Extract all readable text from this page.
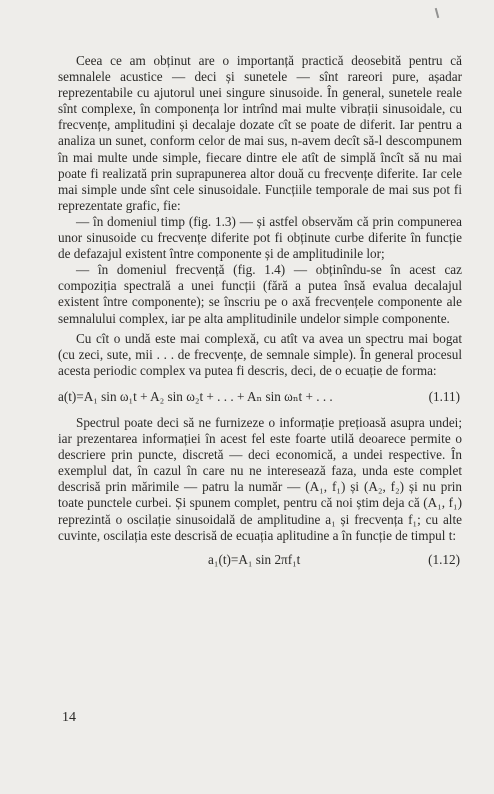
Ceea ce am obținut are o importanță practică deosebită pentru că semnalele acustice — deci și sunetele — sînt rareori pure, așadar reprezentabile cu ajutorul unei singure sinusoide. În general, sunetele reale sînt complexe, în componența lor intrînd mai multe vibrații sinusoidale, cu frecvențe, amplitudini și decalaje dozate cît se poate de diferit. Iar pentru a analiza un sunet, conform celor de mai sus, n-avem decît să-l descompunem în mai multe unde simple, fiecare dintre ele atît de simplă încît să nu mai poate fi realizată prin suprapunerea altor două cu frecvențe diferite. Iar cele mai simple unde sînt cele sinusoidale. Funcțiile temporale de mai sus pot fi reprezentate grafic, fie:

— în domeniul timp (fig. 1.3) — și astfel observăm că prin compunerea unor sinusoide cu frecvențe diferite pot fi obținute curbe diferite în funcție de defazajul existent între componente și de amplitudinile lor;

— în domeniul frecvență (fig. 1.4) — obținîndu-se în acest caz compoziția spectrală a unei funcții (fără a putea însă evalua decalajul existent între componente); se înscriu pe o axă frecvențele componente ale semnalului complex, iar pe alta amplitudinile undelor simple componente.

Cu cît o undă este mai complexă, cu atît va avea un spectru mai bogat (cu zeci, sute, mii . . . de frecvențe, de semnale simple). În general procesul acesta periodic complex va putea fi descris, deci, de o ecuație de forma:

a(t)=A₁ sin ω₁t + A₂ sin ω₂t + . . . + Aₙ sin ωₙt + . . .	(1.11)

Spectrul poate deci să ne furnizeze o informație prețioasă asupra undei; iar prezentarea informației în acest fel este foarte utilă deoarece permite o descriere prin puncte, discretă — deci economică, a undei respective. În exemplul dat, în cazul în care nu ne interesează faza, unda este complet descrisă prin mărimile — patru la număr — (A₁, f₁) și (A₂, f₂) și nu prin toate punctele curbei. Și spunem complet, pentru că noi știm deja că (A₁, f₁) reprezintă o oscilație sinusoidală de amplitudine a₁ și frecvența f₁; cu alte cuvinte, oscilația este descrisă de ecuația aplitudine a în funcție de timpul t:

a₁(t)=A₁ sin 2πf₁t	(1.12)
14
